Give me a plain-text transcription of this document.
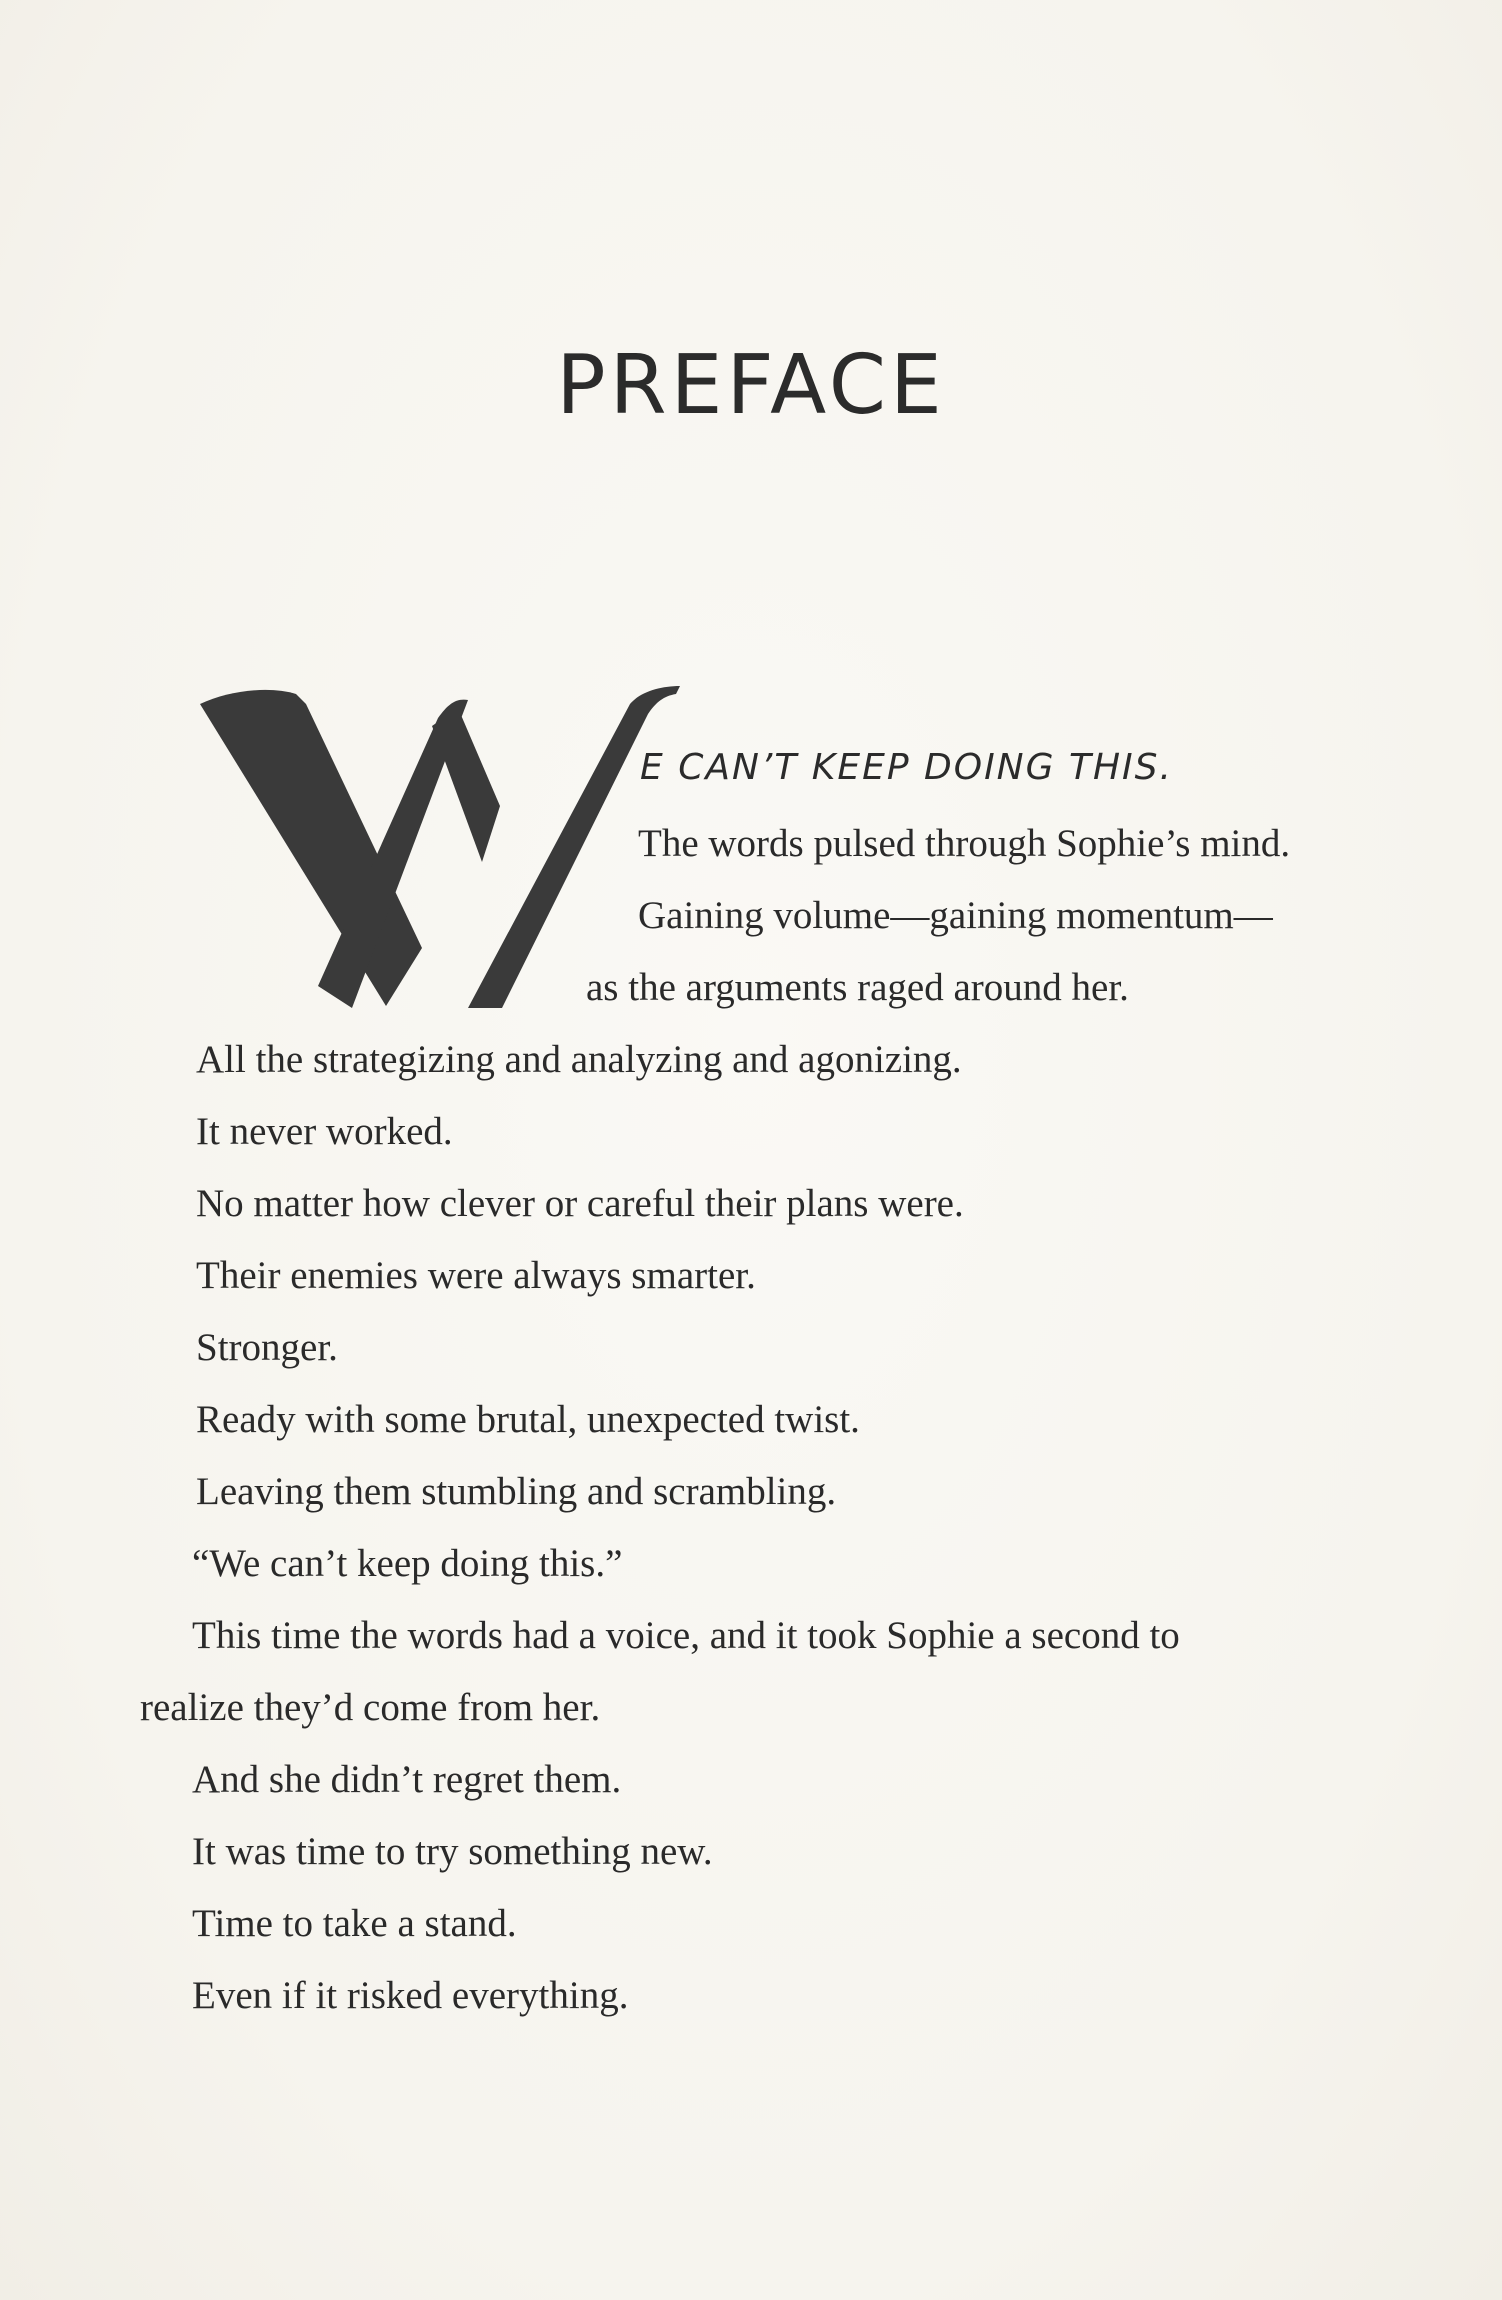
PREFACE

E CAN’T KEEP DOING THIS.

The words pulsed through Sophie’s mind.

Gaining volume—gaining momentum—

as the arguments raged around her.

All the strategizing and analyzing and agonizing.

It never worked.

No matter how clever or careful their plans were.

Their enemies were always smarter.

Stronger.

Ready with some brutal, unexpected twist.

Leaving them stumbling and scrambling.

“We can’t keep doing this.”

This time the words had a voice, and it took Sophie a second to

realize they’d come from her.

And she didn’t regret them.

It was time to try something new.

Time to take a stand.

Even if it risked everything.
